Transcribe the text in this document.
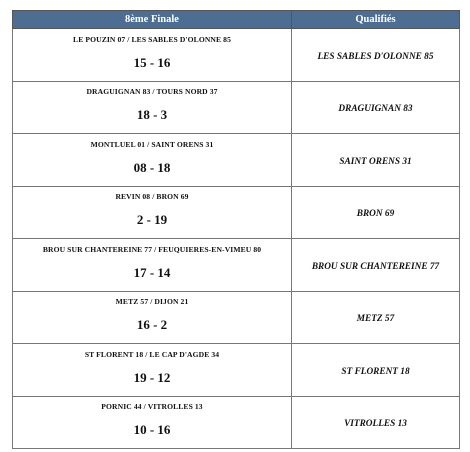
8ème Finale	Qualifiés

LE POUZIN 07 / LES SABLES D'OLONNE 85
15 - 16	LES SABLES D'OLONNE 85

DRAGUIGNAN 83 / TOURS NORD 37
18 - 3	DRAGUIGNAN 83

MONTLUEL 01 / SAINT ORENS 31
08 - 18	SAINT ORENS 31

REVIN 08 / BRON 69
2 - 19	BRON 69

BROU SUR CHANTEREINE 77 / FEUQUIERES-EN-VIMEU 80
17 - 14	BROU SUR CHANTEREINE 77

METZ 57 / DIJON 21
16 - 2	METZ 57

ST FLORENT 18 / LE CAP D'AGDE 34
19 - 12	ST FLORENT 18

PORNIC 44 / VITROLLES 13
10 - 16	VITROLLES 13
